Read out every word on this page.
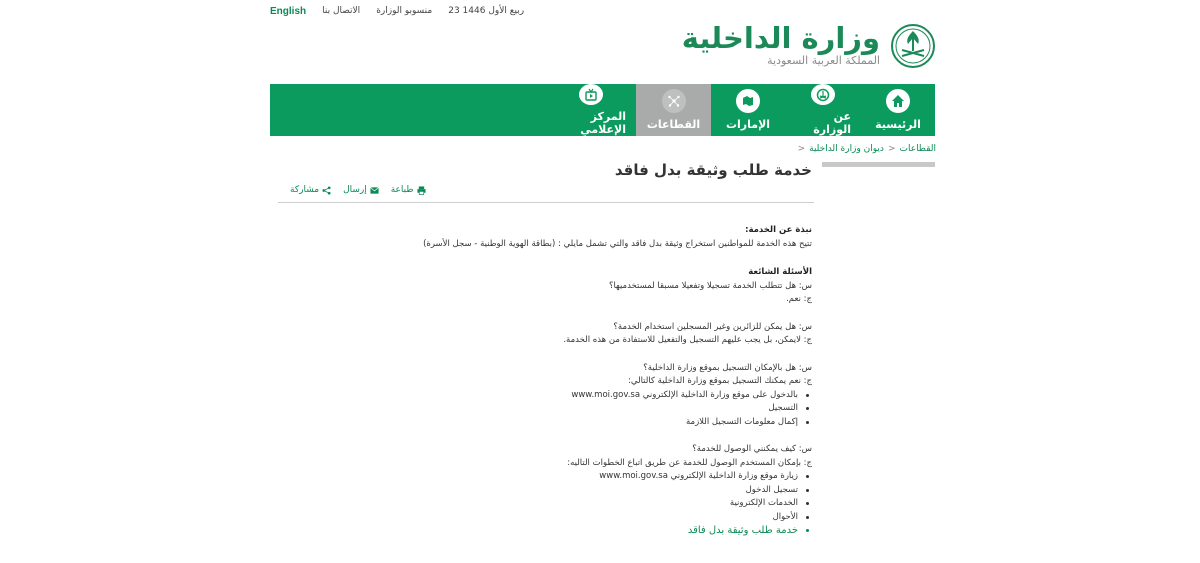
English الاتصال بنا منسوبو الوزارة 23 ربيع الأول 1446
وزارة الداخلية
المملكة العربية السعودية
الرئيسية
عن الوزارة
الإمارات
القطاعات
المركز الإعلامي
القطاعات
<
ديوان وزارة الداخلية
<
خدمة طلب وثيقة بدل فاقد
طباعة
إرسال
مشاركة

نبذة عن الخدمة:

تتيح هذه الخدمة للمواطنين استخراج وثيقة بدل فاقد والتي تشمل مايلي : (بطاقة الهوية الوطنية - سجل الأسرة)

الأسئلة الشائعة

س: هل تتطلب الخدمة تسجيلا وتفعيلا مسبقا لمستخدميها؟

ج: نعم.

س: هل يمكن للزائرين وغير المسجلين استخدام الخدمة؟

ج: لايمكن، بل يجب عليهم التسجيل والتفعيل للاستفادة من هذه الخدمة.

س: هل بالإمكان التسجيل بموقع وزارة الداخلية؟

ج: نعم يمكنك التسجيل بموقع وزارة الداخلية كالتالي:

بالدخول على موقع وزارة الداخلية الإلكتروني www.moi.gov.sa
التسجيل
إكمال معلومات التسجيل اللازمة

س: كيف يمكنني الوصول للخدمة؟

ج: بإمكان المستخدم الوصول للخدمة عن طريق اتباع الخطوات التاليه:

زيارة موقع وزارة الداخلية الإلكتروني www.moi.gov.sa
تسجيل الدخول
الخدمات الإلكترونية
الأحوال
خدمة طلب وثيقة بدل فاقد
